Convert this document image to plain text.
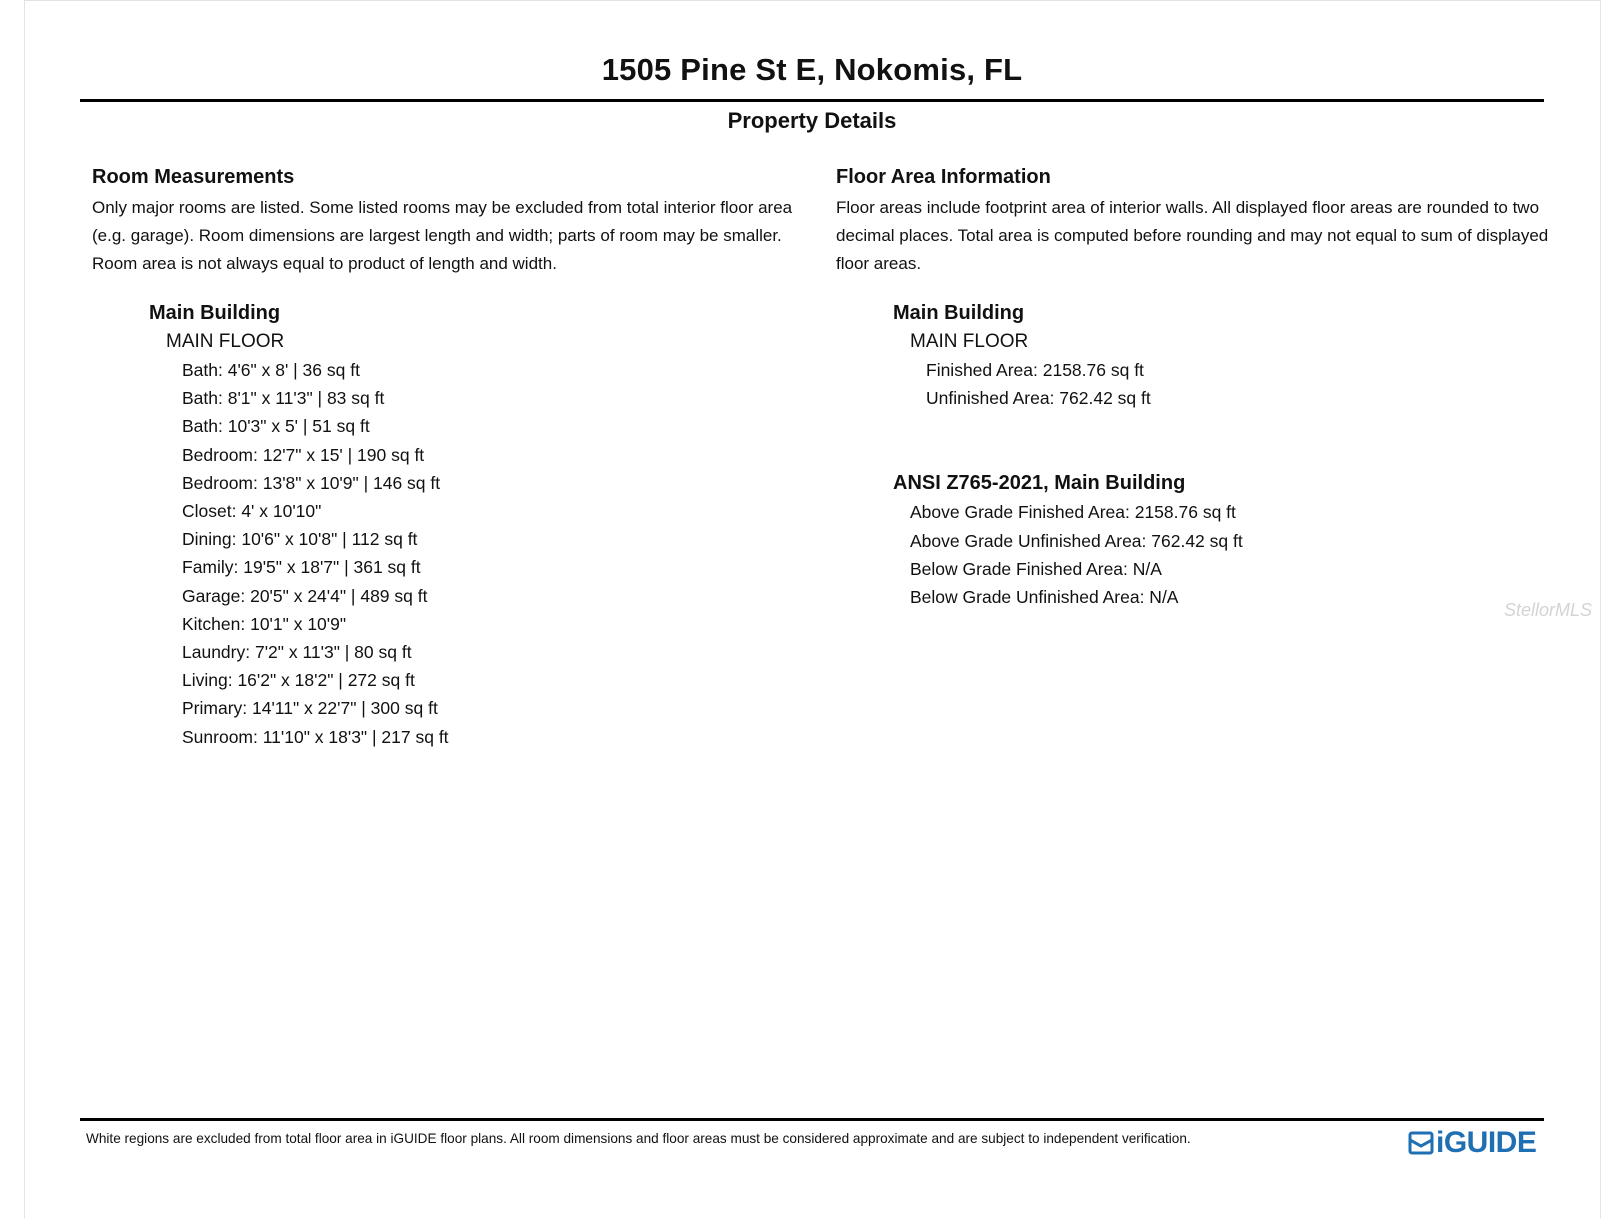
1505 Pine St E, Nokomis, FL
Property Details
Room Measurements
Only major rooms are listed. Some listed rooms may be excluded from total interior floor area
(e.g. garage). Room dimensions are largest length and width; parts of room may be smaller.
Room area is not always equal to product of length and width.
Main Building
MAIN FLOOR
Bath: 4'6" x 8' | 36 sq ft
Bath: 8'1" x 11'3" | 83 sq ft
Bath: 10'3" x 5' | 51 sq ft
Bedroom: 12'7" x 15' | 190 sq ft
Bedroom: 13'8" x 10'9" | 146 sq ft
Closet: 4' x 10'10"
Dining: 10'6" x 10'8" | 112 sq ft
Family: 19'5" x 18'7" | 361 sq ft
Garage: 20'5" x 24'4" | 489 sq ft
Kitchen: 10'1" x 10'9"
Laundry: 7'2" x 11'3" | 80 sq ft
Living: 16'2" x 18'2" | 272 sq ft
Primary: 14'11" x 22'7" | 300 sq ft
Sunroom: 11'10" x 18'3" | 217 sq ft
Floor Area Information
Floor areas include footprint area of interior walls. All displayed floor areas are rounded to two
decimal places. Total area is computed before rounding and may not equal to sum of displayed
floor areas.
Main Building
MAIN FLOOR
Finished Area: 2158.76 sq ft
Unfinished Area: 762.42 sq ft
ANSI Z765-2021, Main Building
Above Grade Finished Area: 2158.76 sq ft
Above Grade Unfinished Area: 762.42 sq ft
Below Grade Finished Area: N/A
Below Grade Unfinished Area: N/A
StellorMLS
White regions are excluded from total floor area in iGUIDE floor plans. All room dimensions and floor areas must be considered approximate and are subject to independent verification.	iGUIDE
